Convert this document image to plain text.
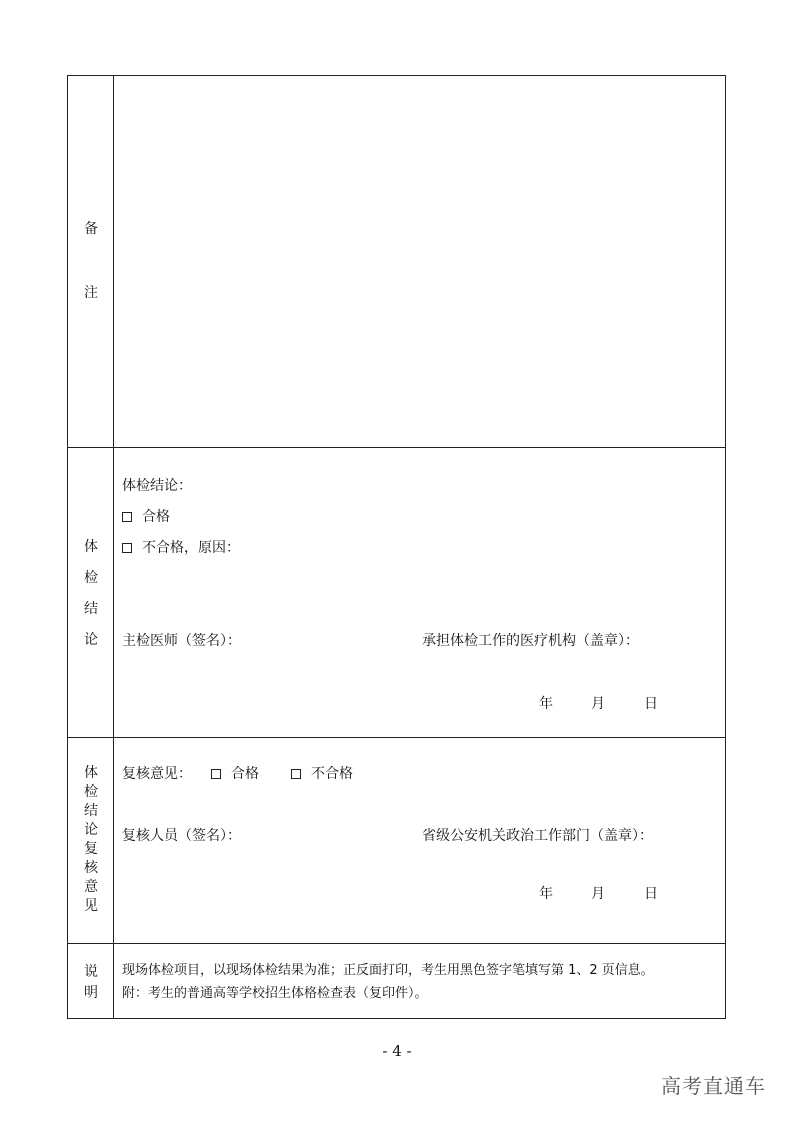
备
注
体
检
结
论
体检结论：
合格
不合格，原因：
主检医师（签名）：	承担体检工作的医疗机构（盖章）：
年	月	日
体
检
结
论
复
核
意
见
复核意见：	合格	不合格
复核人员（签名）：	省级公安机关政治工作部门（盖章）：
年	月	日
说
明
现场体检项目，以现场体检结果为准；正反面打印，考生用黑色签字笔填写第 1、2 页信息。
附：考生的普通高等学校招生体格检查表（复印件）。
- 4 -
高考直通车
